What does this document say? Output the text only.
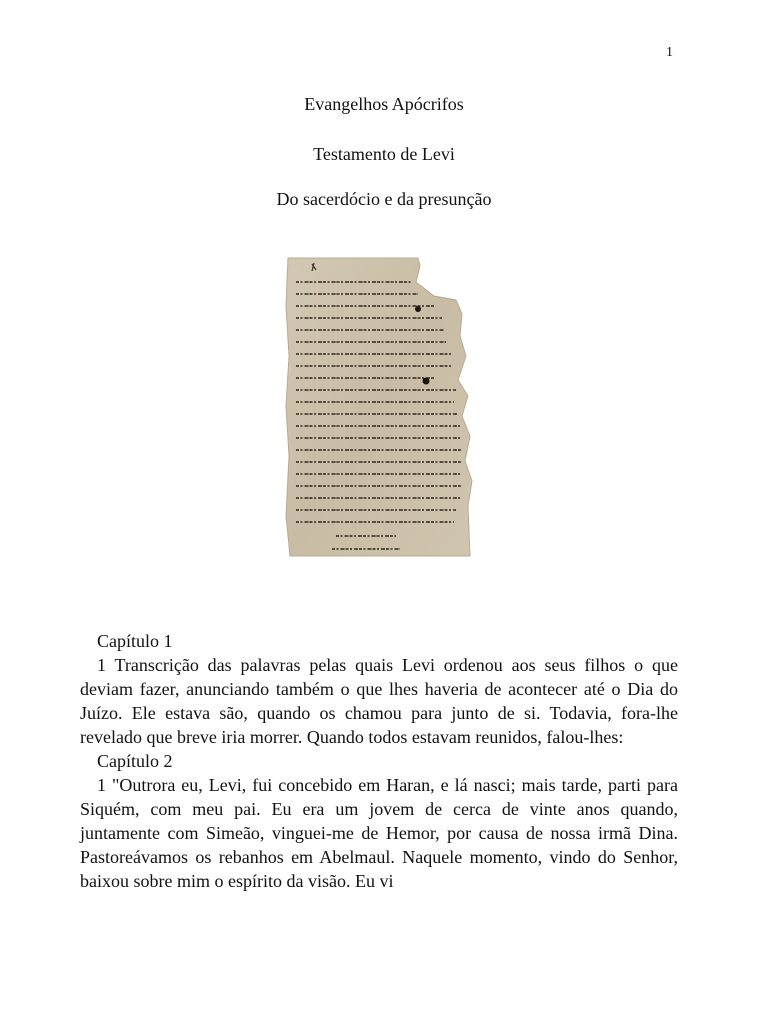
1
Evangelhos Apócrifos
Testamento de Levi
Do sacerdócio e da presunção

Capítulo 1

1 Transcrição das palavras pelas quais Levi ordenou aos seus filhos o que deviam fazer, anunciando também o que lhes haveria de acontecer até o Dia do Juízo. Ele estava são, quando os chamou para junto de si. Todavia, fora-lhe revelado que breve iria morrer. Quando todos estavam reunidos, falou-lhes:

Capítulo 2

1 "Outrora eu, Levi, fui concebido em Haran, e lá nasci; mais tarde, parti para Siquém, com meu pai. Eu era um jovem de cerca de vinte anos quando, juntamente com Simeão, vinguei-me de Hemor, por causa de nossa irmã Dina. Pastoreávamos os rebanhos em Abelmaul. Naquele momento, vindo do Senhor, baixou sobre mim o espírito da visão. Eu vi
